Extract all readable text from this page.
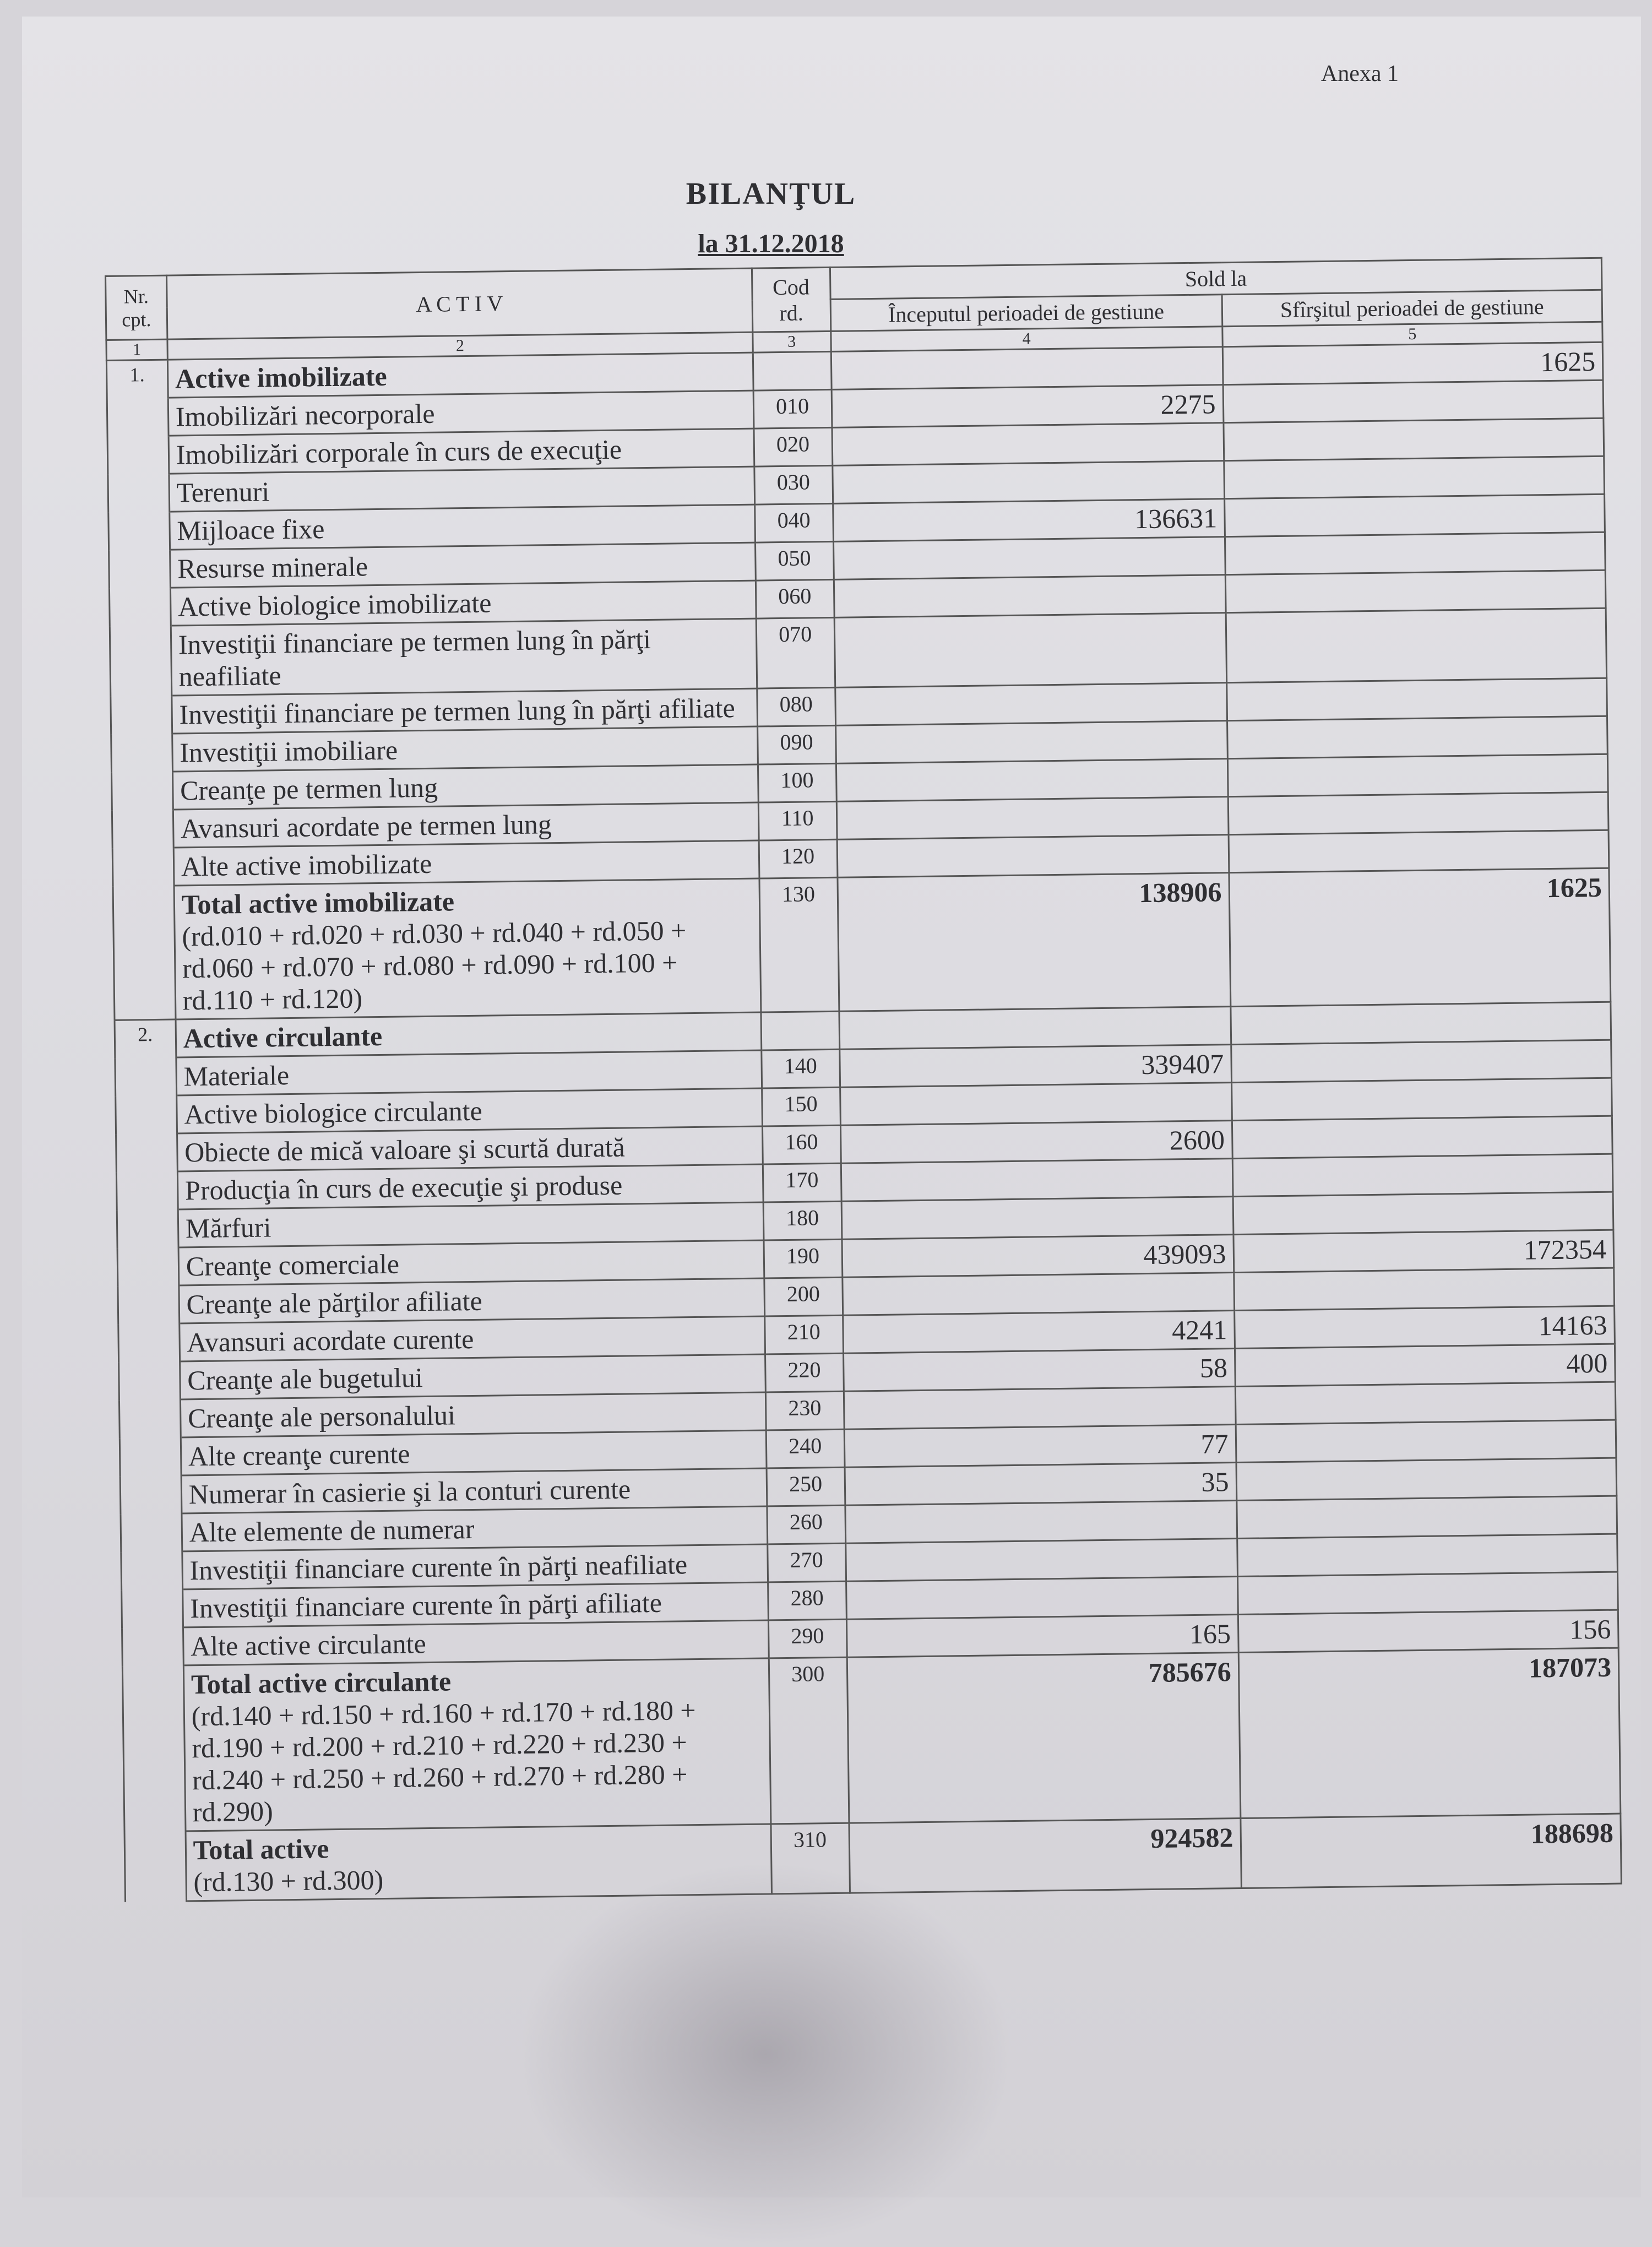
Anexa 1
BILANŢUL
la 31.12.2018
Nr. cpt.	A C T I V	Cod rd.	Sold la	
			Începutul perioadei de gestiune	Sfîrşitul perioadei de gestiune
1	2	3	4	5
1.	Active imobilizate			1625
	Imobilizări necorporale	010	2275	
	Imobilizări corporale în curs de execuţie	020		
	Terenuri	030		
	Mijloace fixe	040	136631	
	Resurse minerale	050		
	Active biologice imobilizate	060		
	Investiţii financiare pe termen lung în părţi neafiliate	070		
	Investiţii financiare pe termen lung în părţi afiliate	080		
	Investiţii imobiliare	090		
	Creanţe pe termen lung	100		
	Avansuri acordate pe termen lung	110		
	Alte active imobilizate	120		
	Total active imobilizate
(rd.010 + rd.020 + rd.030 + rd.040 + rd.050 + rd.060 + rd.070 + rd.080 + rd.090 + rd.100 + rd.110 + rd.120)	130	138906	1625
2.	Active circulante			
	Materiale	140	339407	
	Active biologice circulante	150		
	Obiecte de mică valoare şi scurtă durată	160	2600	
	Producţia în curs de execuţie şi produse	170		
	Mărfuri	180		
	Creanţe comerciale	190	439093	172354
	Creanţe ale părţilor afiliate	200		
	Avansuri acordate curente	210	4241	14163
	Creanţe ale bugetului	220	58	400
	Creanţe ale personalului	230		
	Alte creanţe curente	240	77	
	Numerar în casierie şi la conturi curente	250	35	
	Alte elemente de numerar	260		
	Investiţii financiare curente în părţi neafiliate	270		
	Investiţii financiare curente în părţi afiliate	280		
	Alte active circulante	290	165	156
	Total active circulante
(rd.140 + rd.150 + rd.160 + rd.170 + rd.180 + rd.190 + rd.200 + rd.210 + rd.220 + rd.230 + rd.240 + rd.250 + rd.260 + rd.270 + rd.280 + rd.290)	300	785676	187073
	Total active
(rd.130 + rd.300)	310	924582	188698
